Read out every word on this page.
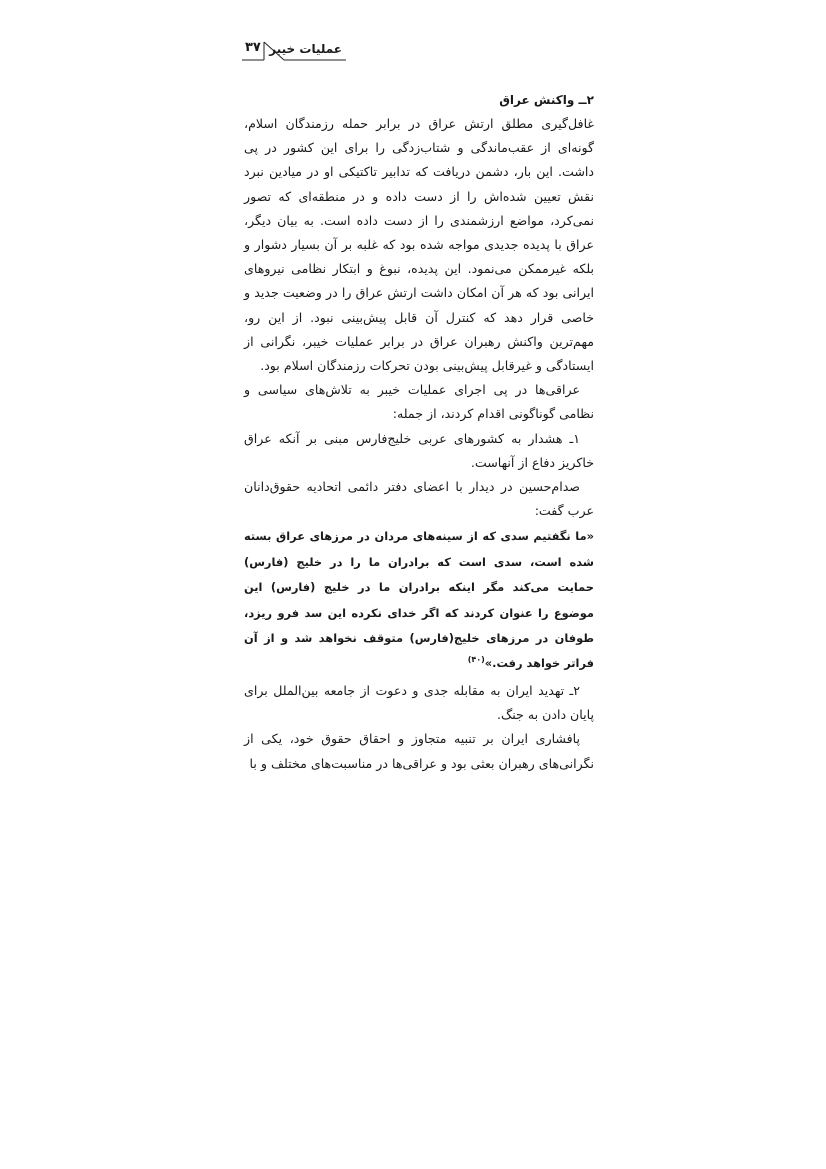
۳۷ عملیات خیبر

۲ــ واکنش عراق

غافل‌گیری مطلق ارتش عراق در برابر حمله رزمندگان اسلام، گونه‌ای از عقب‌ماندگی و شتاب‌زدگی را برای این کشور در پی داشت. این بار، دشمن دریافت که تدابیر تاکتیکی او در میادین نبرد نقش تعیین شده‌اش را از دست داده و در منطقه‌ای که تصور نمی‌کرد، مواضع ارزشمندی را از دست داده است. به بیان دیگر، عراق با پدیده جدیدی مواجه شده بود که غلبه بر آن بسیار دشوار و بلکه غیرممکن می‌نمود. این پدیده، نبوغ و ابتکار نظامی نیروهای ایرانی بود که هر آن امکان داشت ارتش عراق را در وضعیت جدید و خاصی قرار دهد که کنترل آن قابل پیش‌بینی نبود. از این رو، مهم‌ترین واکنش رهبران عراق در برابر عملیات خیبر، نگرانی از ایستادگی و غیرقابل پیش‌بینی بودن تحرکات رزمندگان اسلام بود.

عراقی‌ها در پی اجرای عملیات خیبر به تلاش‌های سیاسی و نظامی گوناگونی اقدام کردند، از جمله:

۱ـ هشدار به کشورهای عربی خلیج‌فارس مبنی بر آنکه عراق خاکریز دفاع از آنهاست.

صدام‌حسین در دیدار با اعضای دفتر دائمی اتحادیه حقوق‌دانان عرب گفت:

«ما نگفتیم سدی که از سینه‌های مردان در مرزهای عراق بسته شده است، سدی است که برادران ما را در خلیج (فارس) حمایت می‌کند مگر اینکه برادران ما در خلیج (فارس) این موضوع را عنوان کردند که اگر خدای نکرده این سد فرو ریزد، طوفان در مرزهای خلیج(فارس) متوقف نخواهد شد و از آن فراتر خواهد رفت.»$^{(۴۰)}$

۲ـ تهدید ایران به مقابله جدی و دعوت از جامعه بین‌الملل برای پایان دادن به جنگ.

پافشاری ایران بر تنبیه متجاوز و احقاق حقوق خود، یکی از نگرانی‌های رهبران بعثی بود و عراقی‌ها در مناسبت‌های مختلف و با
